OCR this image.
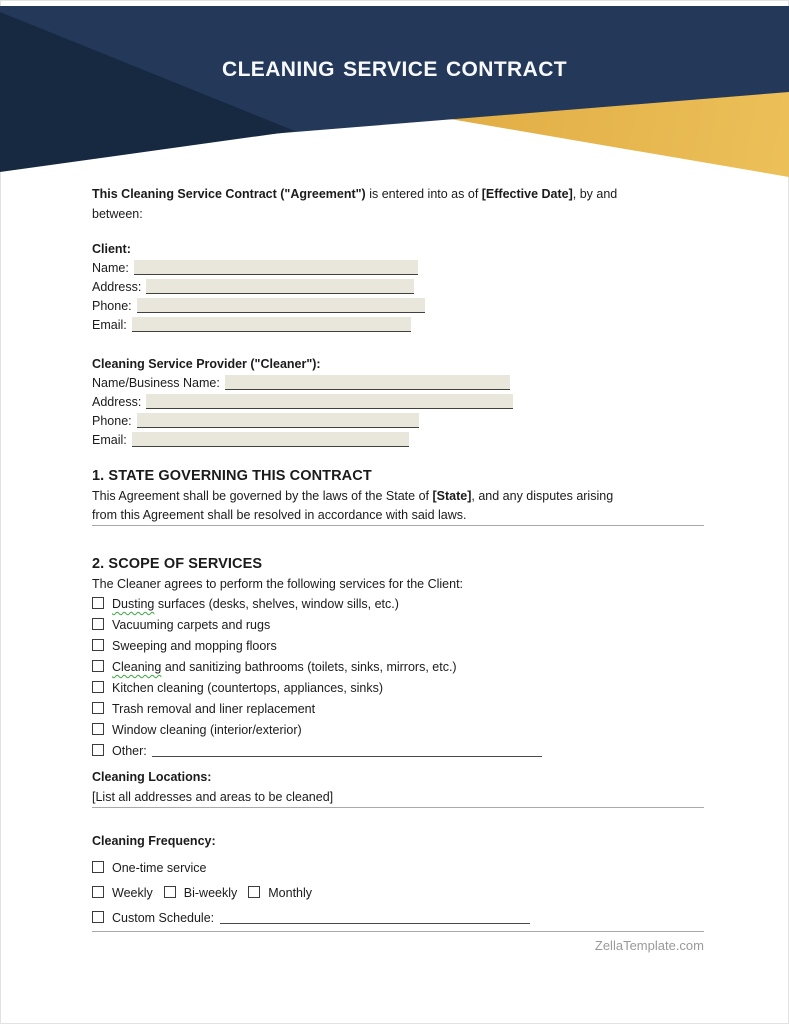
CLEANING SERVICE CONTRACT

This Cleaning Service Contract ("Agreement") is entered into as of [Effective Date], by and
between:

Client:
Name:
Address:
Phone:
Email:
Cleaning Service Provider ("Cleaner"):
Name/Business Name:
Address:
Phone:
Email:
1. STATE GOVERNING THIS CONTRACT

This Agreement shall be governed by the laws of the State of [State], and any disputes arising
from this Agreement shall be resolved in accordance with said laws.

2. SCOPE OF SERVICES

The Cleaner agrees to perform the following services for the Client:

Dusting surfaces (desks, shelves, window sills, etc.)
Vacuuming carpets and rugs
Sweeping and mopping floors
Cleaning and sanitizing bathrooms (toilets, sinks, mirrors, etc.)
Kitchen cleaning (countertops, appliances, sinks)
Trash removal and liner replacement
Window cleaning (interior/exterior)
Other:
Cleaning Locations:

[List all addresses and areas to be cleaned]

Cleaning Frequency:
One-time service
Weekly Bi-weekly Monthly
Custom Schedule:

ZellaTemplate.com
